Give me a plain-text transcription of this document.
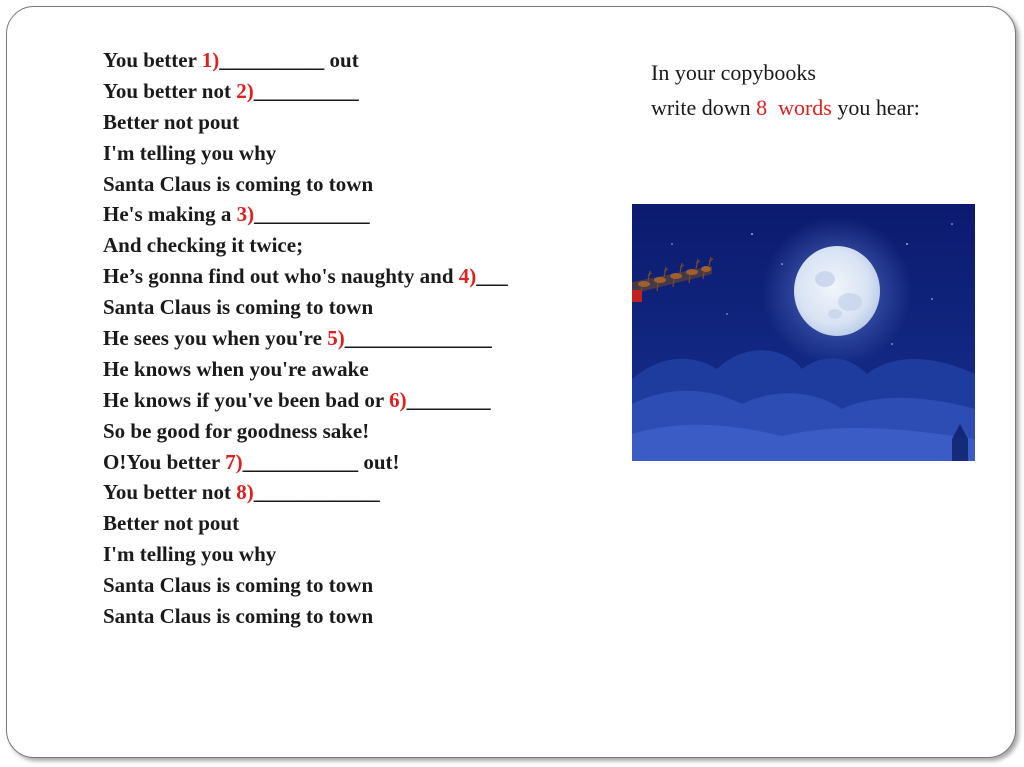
You better 1)__________ out
You better not 2)__________
Better not pout
I'm telling you why
Santa Claus is coming to town
He's making a 3)___________
And checking it twice;
He’s gonna find out who's naughty and 4)___
Santa Claus is coming to town
He sees you when you're 5)______________
He knows when you're awake
He knows if you've been bad or 6)________
So be good for goodness sake!
O!You better 7)___________ out!
You better not 8)____________
Better not pout
I'm telling you why
Santa Claus is coming to town
Santa Claus is coming to town
In your copybooks
write down 8 words you hear:
